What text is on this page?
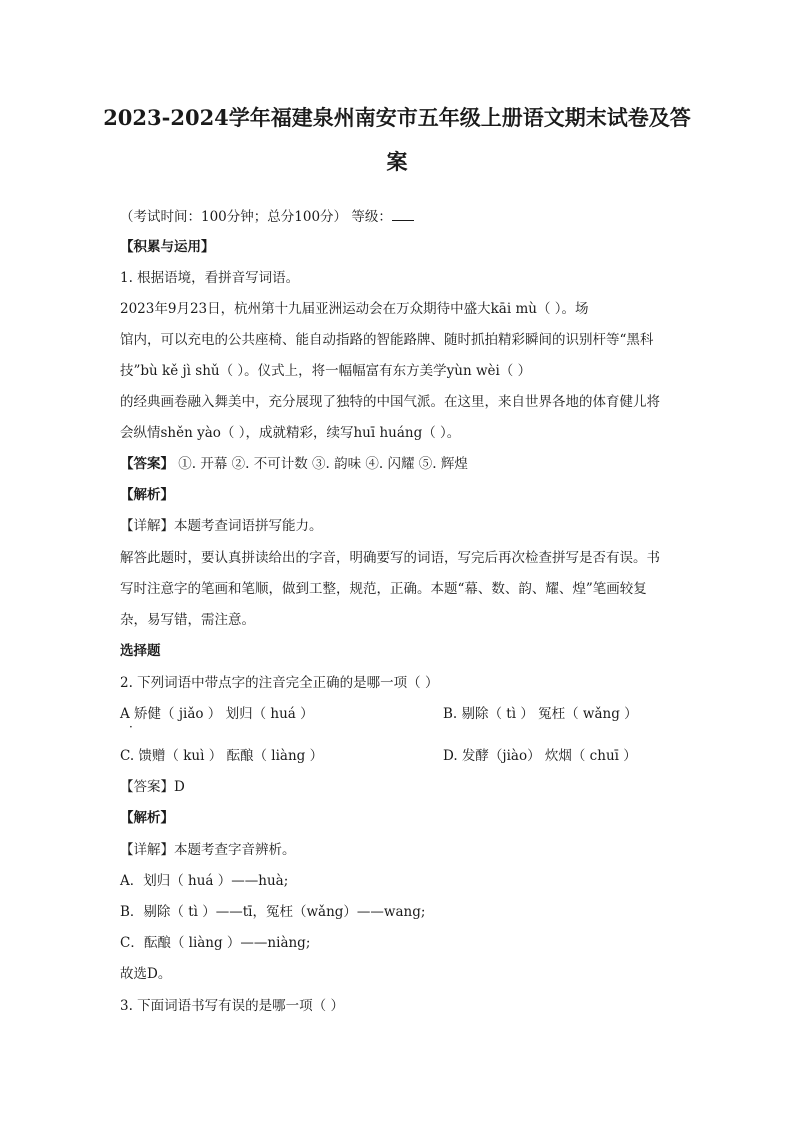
2023-2024学年福建泉州南安市五年级上册语文期末试卷及答案
（考试时间：100分钟；总分100分） 等级：
【积累与运用】
1. 根据语境，看拼音写词语。
2023年9月23日，杭州第十九届亚洲运动会在万众期待中盛大kāi mù（ ）。场
馆内，可以充电的公共座椅、能自动指路的智能路牌、随时抓拍精彩瞬间的识别杆等“黑科
技”bù kě jì shǔ（ ）。仪式上，将一幅幅富有东方美学yùn wèi（ ）
的经典画卷融入舞美中，充分展现了独特的中国气派。在这里，来自世界各地的体育健儿将
会纵情shěn yào（ ），成就精彩，续写huī huáng（ ）。
【答案】 ①. 开幕 ②. 不可计数 ③. 韵味 ④. 闪耀 ⑤. 辉煌
【解析】
【详解】本题考查词语拼写能力。
解答此题时，要认真拼读给出的字音，明确要写的词语，写完后再次检查拼写是否有误。书
写时注意字的笔画和笔顺，做到工整，规范，正确。本题“幕、数、韵、耀、煌”笔画较复
杂，易写错，需注意。
选择题
2. 下列词语中带点字的注音完全正确的是哪一项（ ）
A 矫健（ jiǎo ） 划归（ huá ）
·
B. 剔除（ tì ） 冤枉（ wǎng ）
C. 馈赠（ kuì ） 酝酿（ liàng ）	D. 发酵（jiào） 炊烟（ chuī ）
【答案】D
【解析】
【详解】本题考查字音辨析。
A．划归（ huá ）——huà;
B．剔除（ tì ）——tī，冤枉（wǎng）——wang;
C．酝酿（ liàng ）——niàng;
故选D。
3. 下面词语书写有误的是哪一项（ ）
